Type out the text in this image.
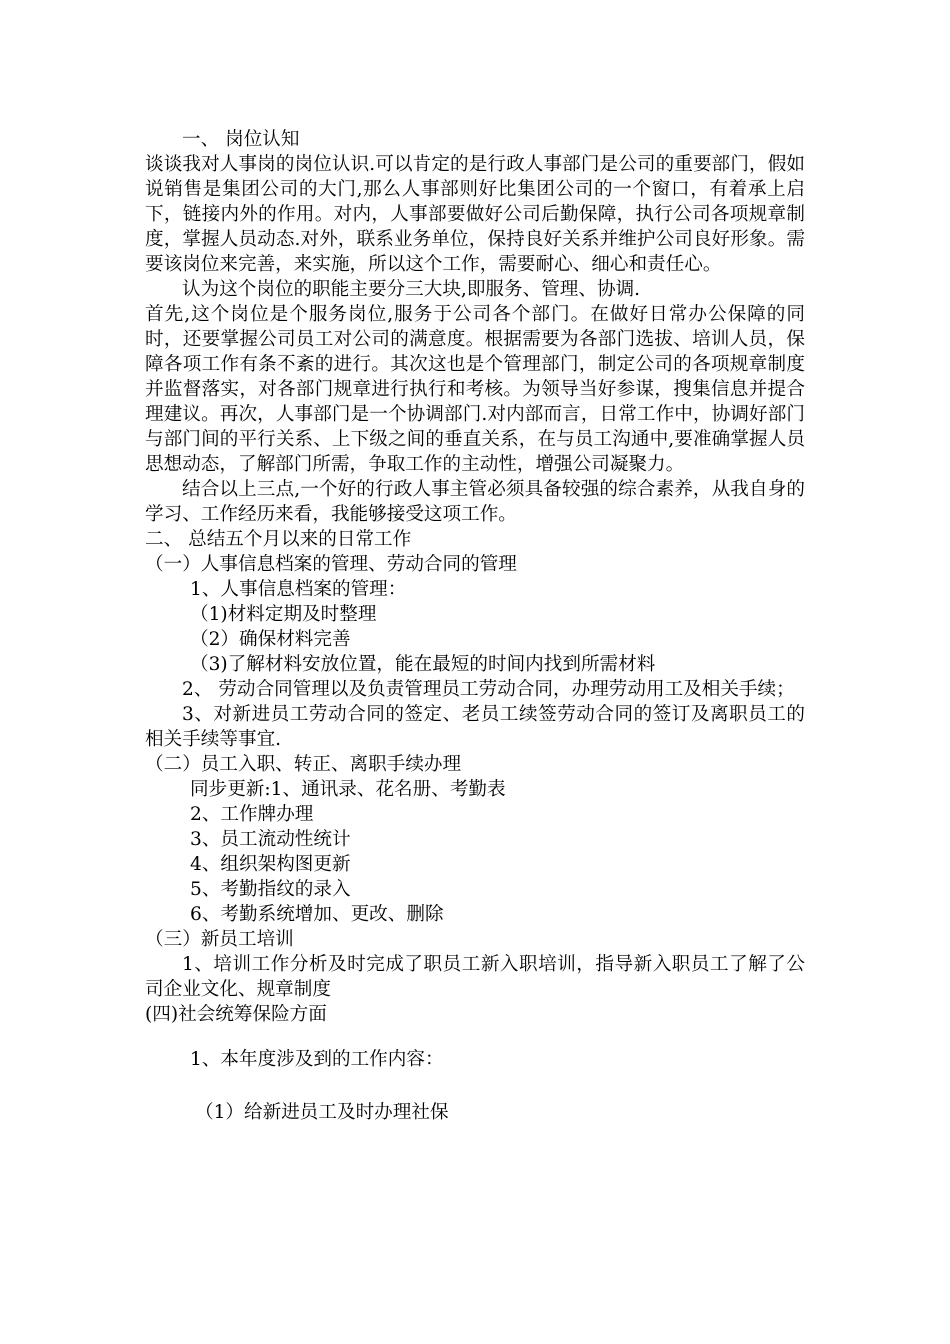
一、 岗位认知

谈谈我对人事岗的岗位认识.可以肯定的是行政人事部门是公司的重要部门，假如说销售是集团公司的大门,那么人事部则好比集团公司的一个窗口，有着承上启下，链接内外的作用。对内，人事部要做好公司后勤保障，执行公司各项规章制度，掌握人员动态.对外，联系业务单位，保持良好关系并维护公司良好形象。需要该岗位来完善，来实施，所以这个工作，需要耐心、细心和责任心。

认为这个岗位的职能主要分三大块,即服务、管理、协调.

首先,这个岗位是个服务岗位,服务于公司各个部门。在做好日常办公保障的同时，还要掌握公司员工对公司的满意度。根据需要为各部门选拔、培训人员，保障各项工作有条不紊的进行。其次这也是个管理部门，制定公司的各项规章制度并监督落实，对各部门规章进行执行和考核。为领导当好参谋，搜集信息并提合理建议。再次，人事部门是一个协调部门.对内部而言，日常工作中，协调好部门与部门间的平行关系、上下级之间的垂直关系，在与员工沟通中,要准确掌握人员思想动态，了解部门所需，争取工作的主动性，增强公司凝聚力。

结合以上三点,一个好的行政人事主管必须具备较强的综合素养，从我自身的学习、工作经历来看，我能够接受这项工作。

二、 总结五个月以来的日常工作

（一）人事信息档案的管理、劳动合同的管理

1、人事信息档案的管理：

（1)材料定期及时整理

（2）确保材料完善

（3)了解材料安放位置，能在最短的时间内找到所需材料

2、 劳动合同管理以及负责管理员工劳动合同，办理劳动用工及相关手续；

3、对新进员工劳动合同的签定、老员工续签劳动合同的签订及离职员工的相关手续等事宜.

（二）员工入职、转正、离职手续办理

同步更新:1、通讯录、花名册、考勤表

2、工作牌办理

3、员工流动性统计

4、组织架构图更新

5、考勤指纹的录入

6、考勤系统增加、更改、删除

（三）新员工培训

1、培训工作分析及时完成了职员工新入职培训，指导新入职员工了解了公司企业文化、规章制度

(四)社会统筹保险方面

1、本年度涉及到的工作内容：

（1）给新进员工及时办理社保
